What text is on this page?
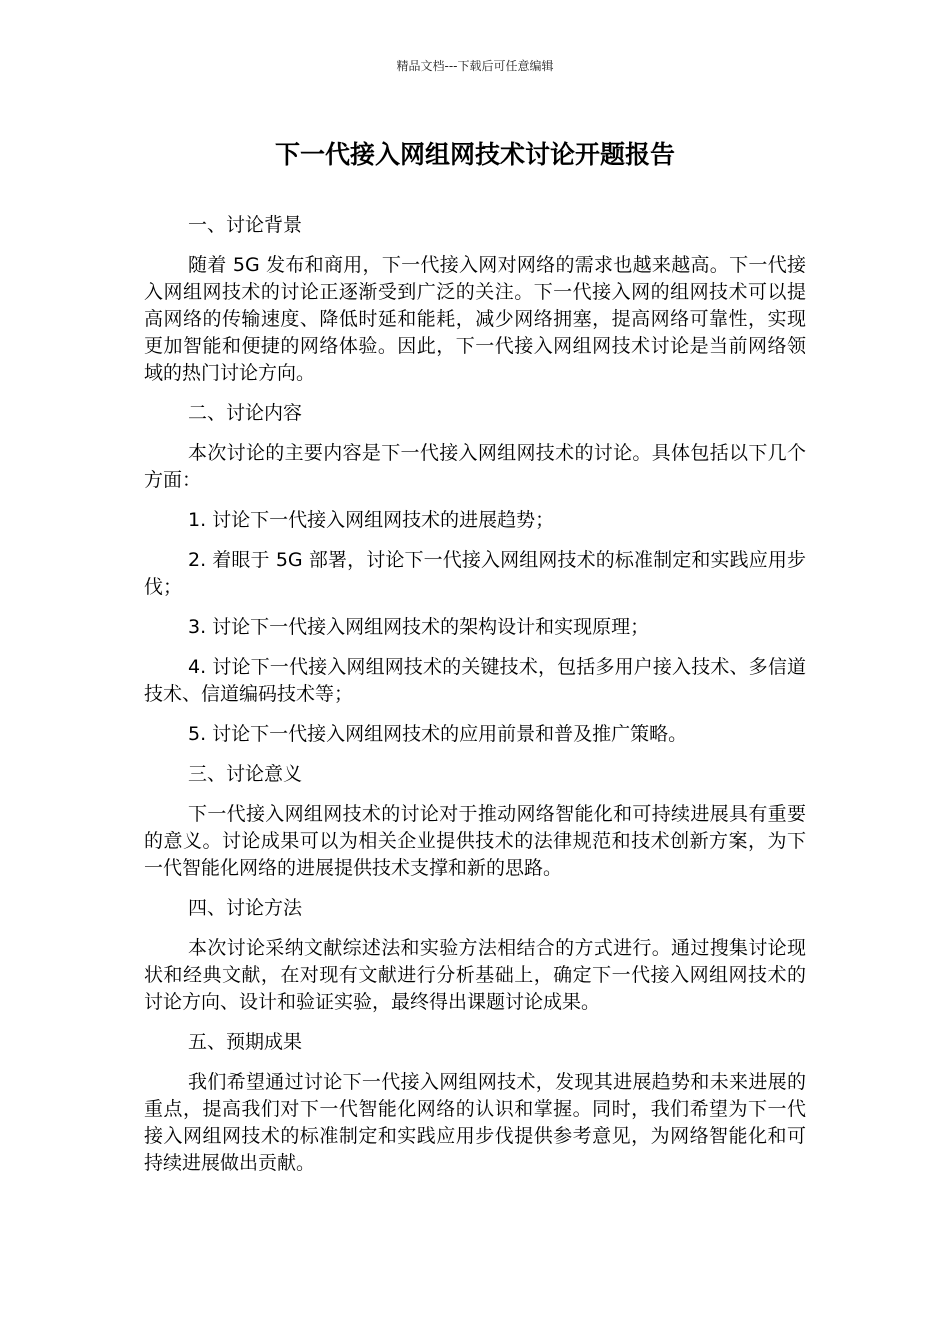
精品文档---下载后可任意编辑
下一代接入网组网技术讨论开题报告

一、讨论背景

随着 5G 发布和商用，下一代接入网对网络的需求也越来越高。下一代接入网组网技术的讨论正逐渐受到广泛的关注。下一代接入网的组网技术可以提高网络的传输速度、降低时延和能耗，减少网络拥塞，提高网络可靠性，实现更加智能和便捷的网络体验。因此，下一代接入网组网技术讨论是当前网络领域的热门讨论方向。

二、讨论内容

本次讨论的主要内容是下一代接入网组网技术的讨论。具体包括以下几个方面：

1. 讨论下一代接入网组网技术的进展趋势；

2. 着眼于 5G 部署，讨论下一代接入网组网技术的标准制定和实践应用步伐；

3. 讨论下一代接入网组网技术的架构设计和实现原理；

4. 讨论下一代接入网组网技术的关键技术，包括多用户接入技术、多信道技术、信道编码技术等；

5. 讨论下一代接入网组网技术的应用前景和普及推广策略。

三、讨论意义

下一代接入网组网技术的讨论对于推动网络智能化和可持续进展具有重要的意义。讨论成果可以为相关企业提供技术的法律规范和技术创新方案，为下一代智能化网络的进展提供技术支撑和新的思路。

四、讨论方法

本次讨论采纳文献综述法和实验方法相结合的方式进行。通过搜集讨论现状和经典文献，在对现有文献进行分析基础上，确定下一代接入网组网技术的讨论方向、设计和验证实验，最终得出课题讨论成果。

五、预期成果

我们希望通过讨论下一代接入网组网技术，发现其进展趋势和未来进展的重点，提高我们对下一代智能化网络的认识和掌握。同时，我们希望为下一代接入网组网技术的标准制定和实践应用步伐提供参考意见，为网络智能化和可持续进展做出贡献。
